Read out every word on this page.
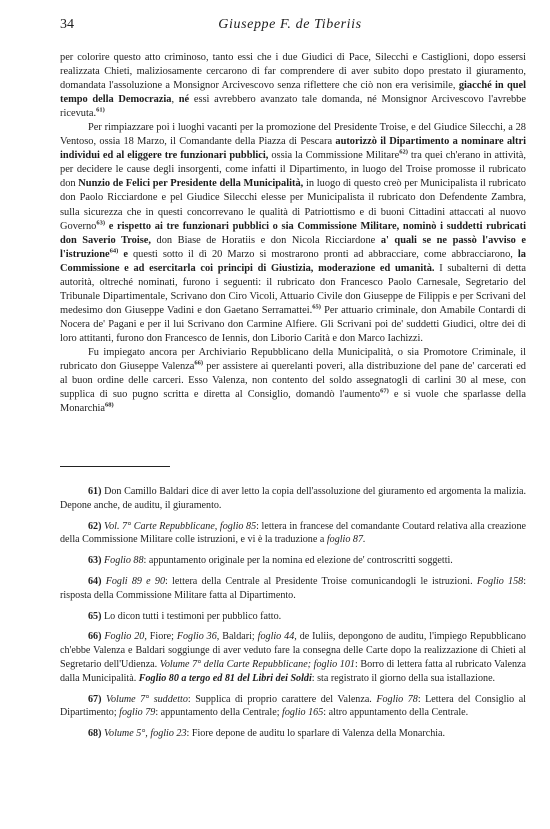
34	Giuseppe F. de Tiberiis

per colorire questo atto criminoso, tanto essi che i due Giudici di Pace, Silecchi e Castiglioni, dopo essersi realizzata Chieti, maliziosamente cercarono di far comprendere di aver subito dopo prestato il giuramento, domandata l'assoluzione a Monsignor Arcivescovo senza riflettere che ciò non era verisimile, giacché in quel tempo della Democrazia, né essi avrebbero avanzato tale domanda, né Monsignor Arcivescovo l'avrebbe ricevuta.$^{61)}$

Per rimpiazzare poi i luoghi vacanti per la promozione del Presidente Troise, e del Giudice Silecchi, a 28 Ventoso, ossia 18 Marzo, il Comandante della Piazza di Pescara autorizzò il Dipartimento a nominare altri individui ed al eliggere tre funzionari pubblici, ossia la Commissione Militare$^{62)}$ tra quei ch'erano in attività, per decidere le cause degli insorgenti, come infatti il Dipartimento, in luogo del Troise promosse il rubricato don Nunzio de Felici per Presidente della Municipalità, in luogo di questo creò per Municipalista il rubricato don Paolo Ricciardone e pel Giudice Silecchi elesse per Municipalista il rubricato don Defendente Zambra, sulla sicurezza che in questi concorrevano le qualità di Patriottismo e di buoni Cittadini attaccati al nuovo Governo$^{63)}$ e rispetto ai tre funzionari pubblici o sia Commissione Militare, nominò i suddetti rubricati don Saverio Troise, don Biase de Horatiis e don Nicola Ricciardone a' quali se ne passò l'avviso e l'istruzione$^{64)}$ e questi sotto il dì 20 Marzo si mostrarono pronti ad abbracciare, come abbracciarono, la Commissione e ad esercitarla coi principi di Giustizia, moderazione ed umanità. I subalterni di detta autorità, oltreché nominati, furono i seguenti: il rubricato don Francesco Paolo Carnesale, Segretario del Tribunale Dipartimentale, Scrivano don Ciro Vicoli, Attuario Civile don Giuseppe de Filippis e per Scrivani del medesimo don Giuseppe Vadini e don Gaetano Serramattei.$^{65)}$ Per attuario criminale, don Amabile Contardi di Nocera de' Pagani e per il lui Scrivano don Carmine Alfiere. Gli Scrivani poi de' suddetti Giudici, oltre dei di loro attitanti, furono don Francesco de Iennis, don Liborio Carità e don Marco Iachizzi.

Fu impiegato ancora per Archiviario Repubblicano della Municipalità, o sia Promotore Criminale, il rubricato don Giuseppe Valenza$^{66)}$ per assistere ai querelanti poveri, alla distribuzione del pane de' carcerati ed al buon ordine delle carceri. Esso Valenza, non contento del soldo assegnatogli di carlini 30 al mese, con supplica di suo pugno scritta e diretta al Consiglio, domandò l'aumento$^{67)}$ e si vuole che sparlasse della Monarchia$^{68)}$

61) Don Camillo Baldari dice di aver letto la copia dell'assoluzione del giuramento ed argomenta la malizia. Depone anche, de auditu, il giuramento.

62) Vol. 7° Carte Repubblicane, foglio 85: lettera in francese del comandante Coutard relativa alla creazione della Commissione Militare colle istruzioni, e vi è la traduzione a foglio 87.

63) Foglio 88: appuntamento originale per la nomina ed elezione de' controscritti soggetti.

64) Fogli 89 e 90: lettera della Centrale al Presidente Troise comunicandogli le istruzioni. Foglio 158: risposta della Commissione Militare fatta al Dipartimento.

65) Lo dicon tutti i testimoni per pubblico fatto.

66) Foglio 20, Fiore; Foglio 36, Baldari; foglio 44, de Iuliis, depongono de auditu, l'impiego Repubblicano ch'ebbe Valenza e Baldari soggiunge di aver veduto fare la consegna delle Carte dopo la realizzazione di Chieti al Segretario dell'Udienza. Volume 7° della Carte Repubblicane; foglio 101: Borro di lettera fatta al rubricato Valenza dalla Municipalità. Foglio 80 a tergo ed 81 del Libri dei Soldi: sta registrato il giorno della sua istallazione.

67) Volume 7° suddetto: Supplica di proprio carattere del Valenza. Foglio 78: Lettera del Consiglio al Dipartimento; foglio 79: appuntamento della Centrale; foglio 165: altro appuntamento della Centrale.

68) Volume 5°, foglio 23: Fiore depone de auditu lo sparlare di Valenza della Monarchia.
